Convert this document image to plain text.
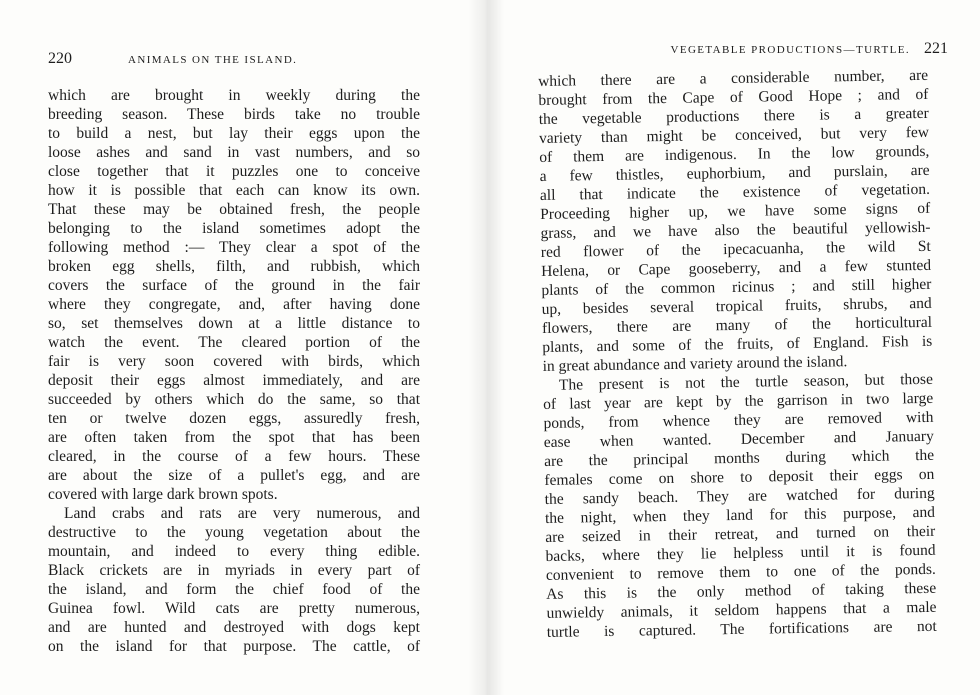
220	ANIMALS ON THE ISLAND.
which are brought in weekly during the
breeding season. These birds take no trouble
to build a nest, but lay their eggs upon the
loose ashes and sand in vast numbers, and so
close together that it puzzles one to conceive
how it is possible that each can know its own.
That these may be obtained fresh, the people
belonging to the island sometimes adopt the
following method :— They clear a spot of the
broken egg shells, filth, and rubbish, which
covers the surface of the ground in the fair
where they congregate, and, after having done
so, set themselves down at a little distance to
watch the event. The cleared portion of the
fair is very soon covered with birds, which
deposit their eggs almost immediately, and are
succeeded by others which do the same, so that
ten or twelve dozen eggs, assuredly fresh,
are often taken from the spot that has been
cleared, in the course of a few hours. These
are about the size of a pullet's egg, and are
covered with large dark brown spots.
Land crabs and rats are very numerous, and
destructive to the young vegetation about the
mountain, and indeed to every thing edible.
Black crickets are in myriads in every part of
the island, and form the chief food of the
Guinea fowl. Wild cats are pretty numerous,
and are hunted and destroyed with dogs kept
on the island for that purpose. The cattle, of
VEGETABLE PRODUCTIONS—TURTLE. 221
which there are a considerable number, are
brought from the Cape of Good Hope ; and of
the vegetable productions there is a greater
variety than might be conceived, but very few
of them are indigenous. In the low grounds,
a few thistles, euphorbium, and purslain, are
all that indicate the existence of vegetation.
Proceeding higher up, we have some signs of
grass, and we have also the beautiful yellowish-
red flower of the ipecacuanha, the wild St
Helena, or Cape gooseberry, and a few stunted
plants of the common ricinus ; and still higher
up, besides several tropical fruits, shrubs, and
flowers, there are many of the horticultural
plants, and some of the fruits, of England. Fish is
in great abundance and variety around the island.
The present is not the turtle season, but those
of last year are kept by the garrison in two large
ponds, from whence they are removed with
ease when wanted. December and January
are the principal months during which the
females come on shore to deposit their eggs on
the sandy beach. They are watched for during
the night, when they land for this purpose, and
are seized in their retreat, and turned on their
backs, where they lie helpless until it is found
convenient to remove them to one of the ponds.
As this is the only method of taking these
unwieldy animals, it seldom happens that a male
turtle is captured. The fortifications are not
